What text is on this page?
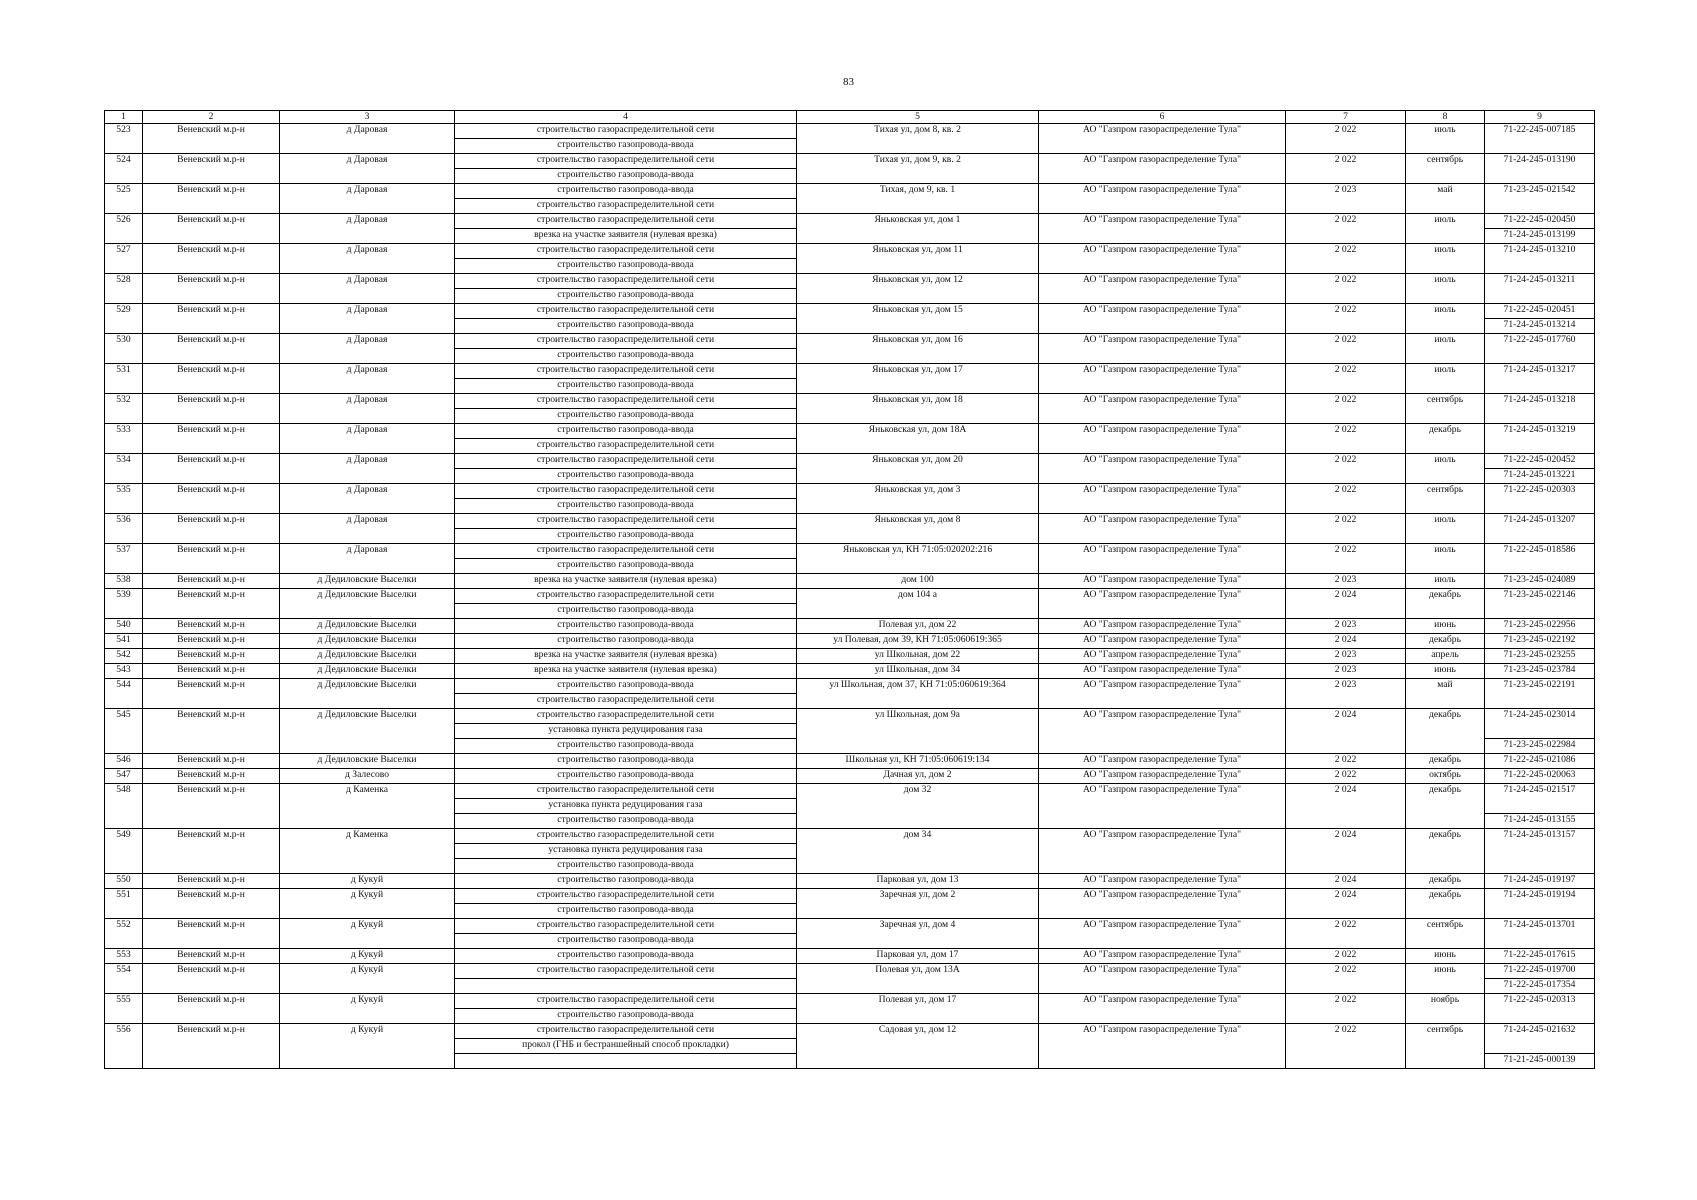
83
1	2	3	4	5	6	7	8	9
523	Веневский м.р-н	д Даровая	строительство газораспределительной сети	Тихая ул, дом 8, кв. 2	АО "Газпром газораспределение Тула"	2 022	июль	71-22-245-007185
			строительство газопровода-ввода					
524	Веневский м.р-н	д Даровая	строительство газораспределительной сети	Тихая ул, дом 9, кв. 2	АО "Газпром газораспределение Тула"	2 022	сентябрь	71-24-245-013190
			строительство газопровода-ввода					
525	Веневский м.р-н	д Даровая	строительство газопровода-ввода	Тихая, дом 9, кв. 1	АО "Газпром газораспределение Тула"	2 023	май	71-23-245-021542
			строительство газораспределительной сети					
526	Веневский м.р-н	д Даровая	строительство газораспределительной сети	Яньковская ул, дом 1	АО "Газпром газораспределение Тула"	2 022	июль	71-22-245-020450
			врезка на участке заявителя (нулевая врезка)					71-24-245-013199
527	Веневский м.р-н	д Даровая	строительство газораспределительной сети	Яньковская ул, дом 11	АО "Газпром газораспределение Тула"	2 022	июль	71-24-245-013210
			строительство газопровода-ввода					
528	Веневский м.р-н	д Даровая	строительство газораспределительной сети	Яньковская ул, дом 12	АО "Газпром газораспределение Тула"	2 022	июль	71-24-245-013211
			строительство газопровода-ввода					
529	Веневский м.р-н	д Даровая	строительство газораспределительной сети	Яньковская ул, дом 15	АО "Газпром газораспределение Тула"	2 022	июль	71-22-245-020451
			строительство газопровода-ввода					71-24-245-013214
530	Веневский м.р-н	д Даровая	строительство газораспределительной сети	Яньковская ул, дом 16	АО "Газпром газораспределение Тула"	2 022	июль	71-22-245-017760
			строительство газопровода-ввода					
531	Веневский м.р-н	д Даровая	строительство газораспределительной сети	Яньковская ул, дом 17	АО "Газпром газораспределение Тула"	2 022	июль	71-24-245-013217
			строительство газопровода-ввода					
532	Веневский м.р-н	д Даровая	строительство газораспределительной сети	Яньковская ул, дом 18	АО "Газпром газораспределение Тула"	2 022	сентябрь	71-24-245-013218
			строительство газопровода-ввода					
533	Веневский м.р-н	д Даровая	строительство газопровода-ввода	Яньковская ул, дом 18А	АО "Газпром газораспределение Тула"	2 022	декабрь	71-24-245-013219
			строительство газораспределительной сети					
534	Веневский м.р-н	д Даровая	строительство газораспределительной сети	Яньковская ул, дом 20	АО "Газпром газораспределение Тула"	2 022	июль	71-22-245-020452
			строительство газопровода-ввода					71-24-245-013221
535	Веневский м.р-н	д Даровая	строительство газораспределительной сети	Яньковская ул, дом 3	АО "Газпром газораспределение Тула"	2 022	сентябрь	71-22-245-020303
			строительство газопровода-ввода					
536	Веневский м.р-н	д Даровая	строительство газораспределительной сети	Яньковская ул, дом 8	АО "Газпром газораспределение Тула"	2 022	июль	71-24-245-013207
			строительство газопровода-ввода					
537	Веневский м.р-н	д Даровая	строительство газораспределительной сети	Яньковская ул, КН 71:05:020202:216	АО "Газпром газораспределение Тула"	2 022	июль	71-22-245-018586
			строительство газопровода-ввода					
538	Веневский м.р-н	д Дедиловские Выселки	врезка на участке заявителя (нулевая врезка)	дом 100	АО "Газпром газораспределение Тула"	2 023	июль	71-23-245-024089
539	Веневский м.р-н	д Дедиловские Выселки	строительство газораспределительной сети	дом 104 а	АО "Газпром газораспределение Тула"	2 024	декабрь	71-23-245-022146
			строительство газопровода-ввода					
540	Веневский м.р-н	д Дедиловские Выселки	строительство газопровода-ввода	Полевая ул, дом 22	АО "Газпром газораспределение Тула"	2 023	июнь	71-23-245-022956
541	Веневский м.р-н	д Дедиловские Выселки	строительство газопровода-ввода	ул Полевая, дом 39, КН 71:05:060619:365	АО "Газпром газораспределение Тула"	2 024	декабрь	71-23-245-022192
542	Веневский м.р-н	д Дедиловские Выселки	врезка на участке заявителя (нулевая врезка)	ул Школьная, дом 22	АО "Газпром газораспределение Тула"	2 023	апрель	71-23-245-023255
543	Веневский м.р-н	д Дедиловские Выселки	врезка на участке заявителя (нулевая врезка)	ул Школьная, дом 34	АО "Газпром газораспределение Тула"	2 023	июнь	71-23-245-023784
544	Веневский м.р-н	д Дедиловские Выселки	строительство газопровода-ввода	ул Школьная, дом 37, КН 71:05:060619:364	АО "Газпром газораспределение Тула"	2 023	май	71-23-245-022191
			строительство газораспределительной сети					
545	Веневский м.р-н	д Дедиловские Выселки	строительство газораспределительной сети	ул Школьная, дом 9а	АО "Газпром газораспределение Тула"	2 024	декабрь	71-24-245-023014
			установка пункта редуцирования газа					
			строительство газопровода-ввода					71-23-245-022984
546	Веневский м.р-н	д Дедиловские Выселки	строительство газопровода-ввода	Школьная ул, КН 71:05:060619:134	АО "Газпром газораспределение Тула"	2 022	декабрь	71-22-245-021086
547	Веневский м.р-н	д Залесово	строительство газопровода-ввода	Дачная ул, дом 2	АО "Газпром газораспределение Тула"	2 022	октябрь	71-22-245-020063
548	Веневский м.р-н	д Каменка	строительство газораспределительной сети	дом 32	АО "Газпром газораспределение Тула"	2 024	декабрь	71-24-245-021517
			установка пункта редуцирования газа					
			строительство газопровода-ввода					71-24-245-013155
549	Веневский м.р-н	д Каменка	строительство газораспределительной сети	дом 34	АО "Газпром газораспределение Тула"	2 024	декабрь	71-24-245-013157
			установка пункта редуцирования газа					
			строительство газопровода-ввода					
550	Веневский м.р-н	д Кукуй	строительство газопровода-ввода	Парковая ул, дом 13	АО "Газпром газораспределение Тула"	2 024	декабрь	71-24-245-019197
551	Веневский м.р-н	д Кукуй	строительство газораспределительной сети	Заречная ул, дом 2	АО "Газпром газораспределение Тула"	2 024	декабрь	71-24-245-019194
			строительство газопровода-ввода					
552	Веневский м.р-н	д Кукуй	строительство газораспределительной сети	Заречная ул, дом 4	АО "Газпром газораспределение Тула"	2 022	сентябрь	71-24-245-013701
			строительство газопровода-ввода					
553	Веневский м.р-н	д Кукуй	строительство газопровода-ввода	Парковая ул, дом 17	АО "Газпром газораспределение Тула"	2 022	июнь	71-22-245-017615
554	Веневский м.р-н	д Кукуй	строительство газораспределительной сети	Полевая ул, дом 13А	АО "Газпром газораспределение Тула"	2 022	июнь	71-22-245-019700
								71-22-245-017354
555	Веневский м.р-н	д Кукуй	строительство газораспределительной сети	Полевая ул, дом 17	АО "Газпром газораспределение Тула"	2 022	ноябрь	71-22-245-020313
			строительство газопровода-ввода					
556	Веневский м.р-н	д Кукуй	строительство газораспределительной сети	Садовая ул, дом 12	АО "Газпром газораспределение Тула"	2 022	сентябрь	71-24-245-021632
			прокол (ГНБ и бестраншейный способ прокладки)					
								71-21-245-000139
